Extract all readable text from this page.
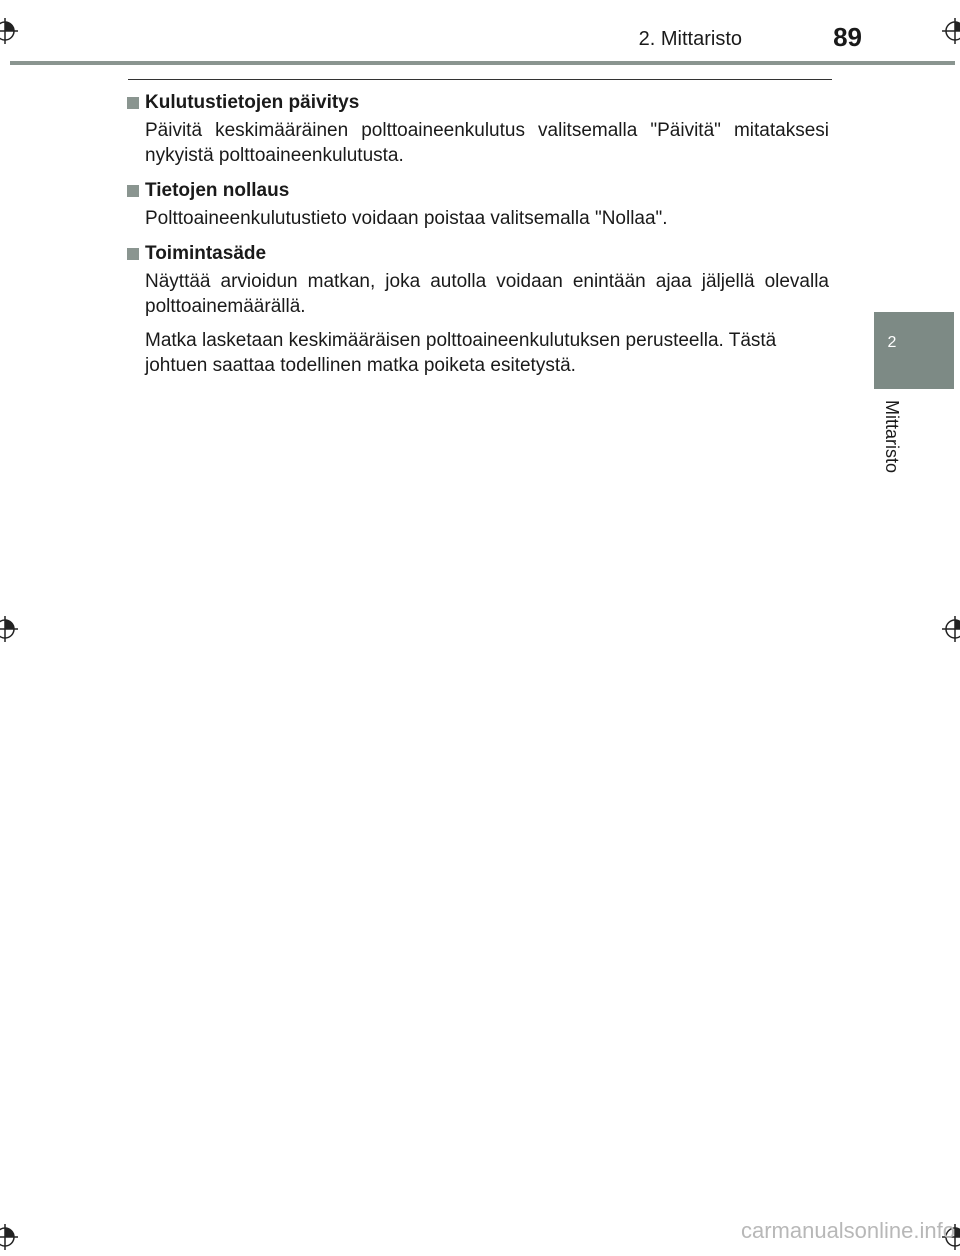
2. Mittaristo	89
2
Mittaristo
Kulutustietojen päivitys

Päivitä keskimääräinen polttoaineenkulutus valitsemalla "Päivitä" mitataksesi nykyistä polttoaineenkulutusta.

Tietojen nollaus

Polttoaineenkulutustieto voidaan poistaa valitsemalla "Nollaa".

Toimintasäde

Näyttää arvioidun matkan, joka autolla voidaan enintään ajaa jäljellä olevalla polttoainemäärällä.

Matka lasketaan keskimääräisen polttoaineenkulutuksen perusteella. Tästä johtuen saattaa todellinen matka poiketa esitetystä.

carmanualsonline.info
